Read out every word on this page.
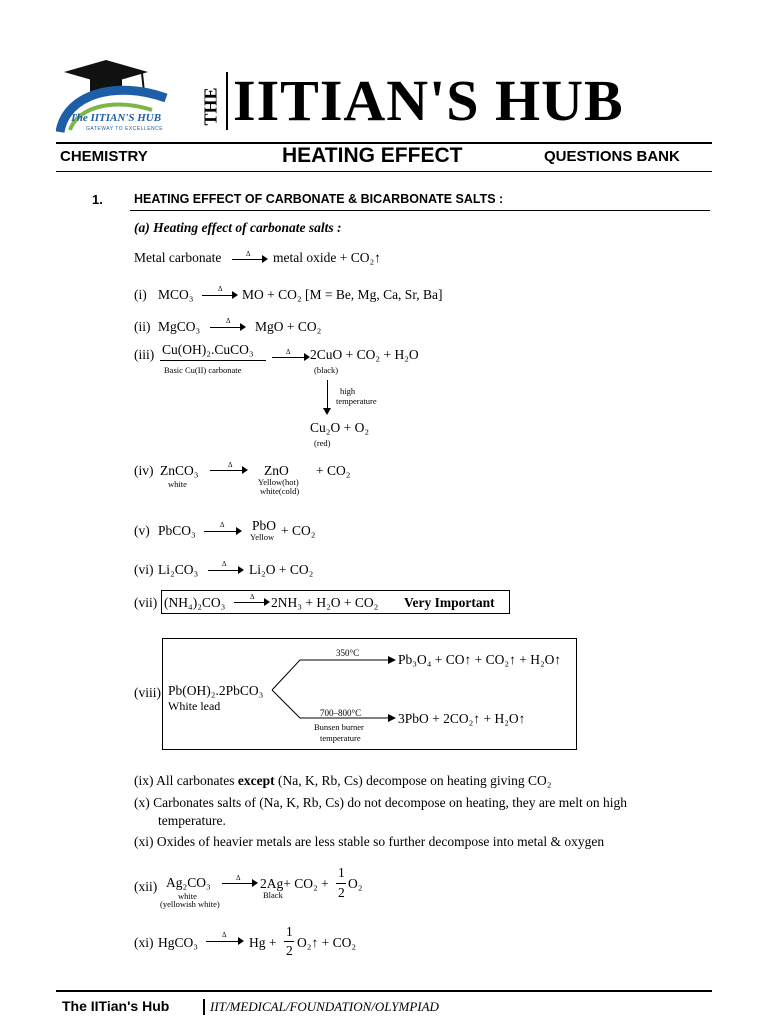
The IITIAN'S HUB
GATEWAY TO EXCELLENCE
THE IITIAN'S HUB
CHEMISTRY	HEATING EFFECT	QUESTIONS BANK
1. HEATING EFFECT OF CARBONATE & BICARBONATE SALTS :
(a) Heating effect of carbonate salts :
Metal carbonate	Δ metal oxide + CO₂↑
(i) MCO₃	Δ MO + CO₂ [M = Be, Mg, Ca, Sr, Ba]
(ii) MgCO₃	Δ MgO + CO₂
(iii) Cu(OH)₂.CuCO₃
Basic Cu(II) carbonate
Δ 2CuO + CO₂ + H₂O
(black)
high
temperature
Cu₂O + O₂
(red)
(iv) ZnCO₃
white
Δ ZnO
Yellow(hot)
white(cold)
+ CO₂
(v) PbCO₃	Δ PbO
Yellow + CO₂
(vi) Li₂CO₃	Δ Li₂O + CO₂
(vii) (NH₄)₂CO₃	Δ 2NH₃ + H₂O + CO₂ Very Important
(viii) Pb(OH)₂.2PbCO₃
White lead
350°C	Pb₃O₄ + CO↑ + CO₂↑ + H₂O↑
700–800°C
Bunsen burner
temperature
3PbO + 2CO₂↑ + H₂O↑
(ix) All carbonates except (Na, K, Rb, Cs) decompose on heating giving CO₂
(x) Carbonates salts of (Na, K, Rb, Cs) do not decompose on heating, they are melt on high
temperature.
(xi) Oxides of heavier metals are less stable so further decompose into metal & oxygen
(xii) Ag₂CO₃
white
(yellowish white)
Δ 2Ag+ CO₂ +
Black
1
2
O₂
(xi) HgCO₃	Δ Hg +
1
2
O₂↑ + CO₂
The IITian's Hub	IIT/MEDICAL/FOUNDATION/OLYMPIAD
